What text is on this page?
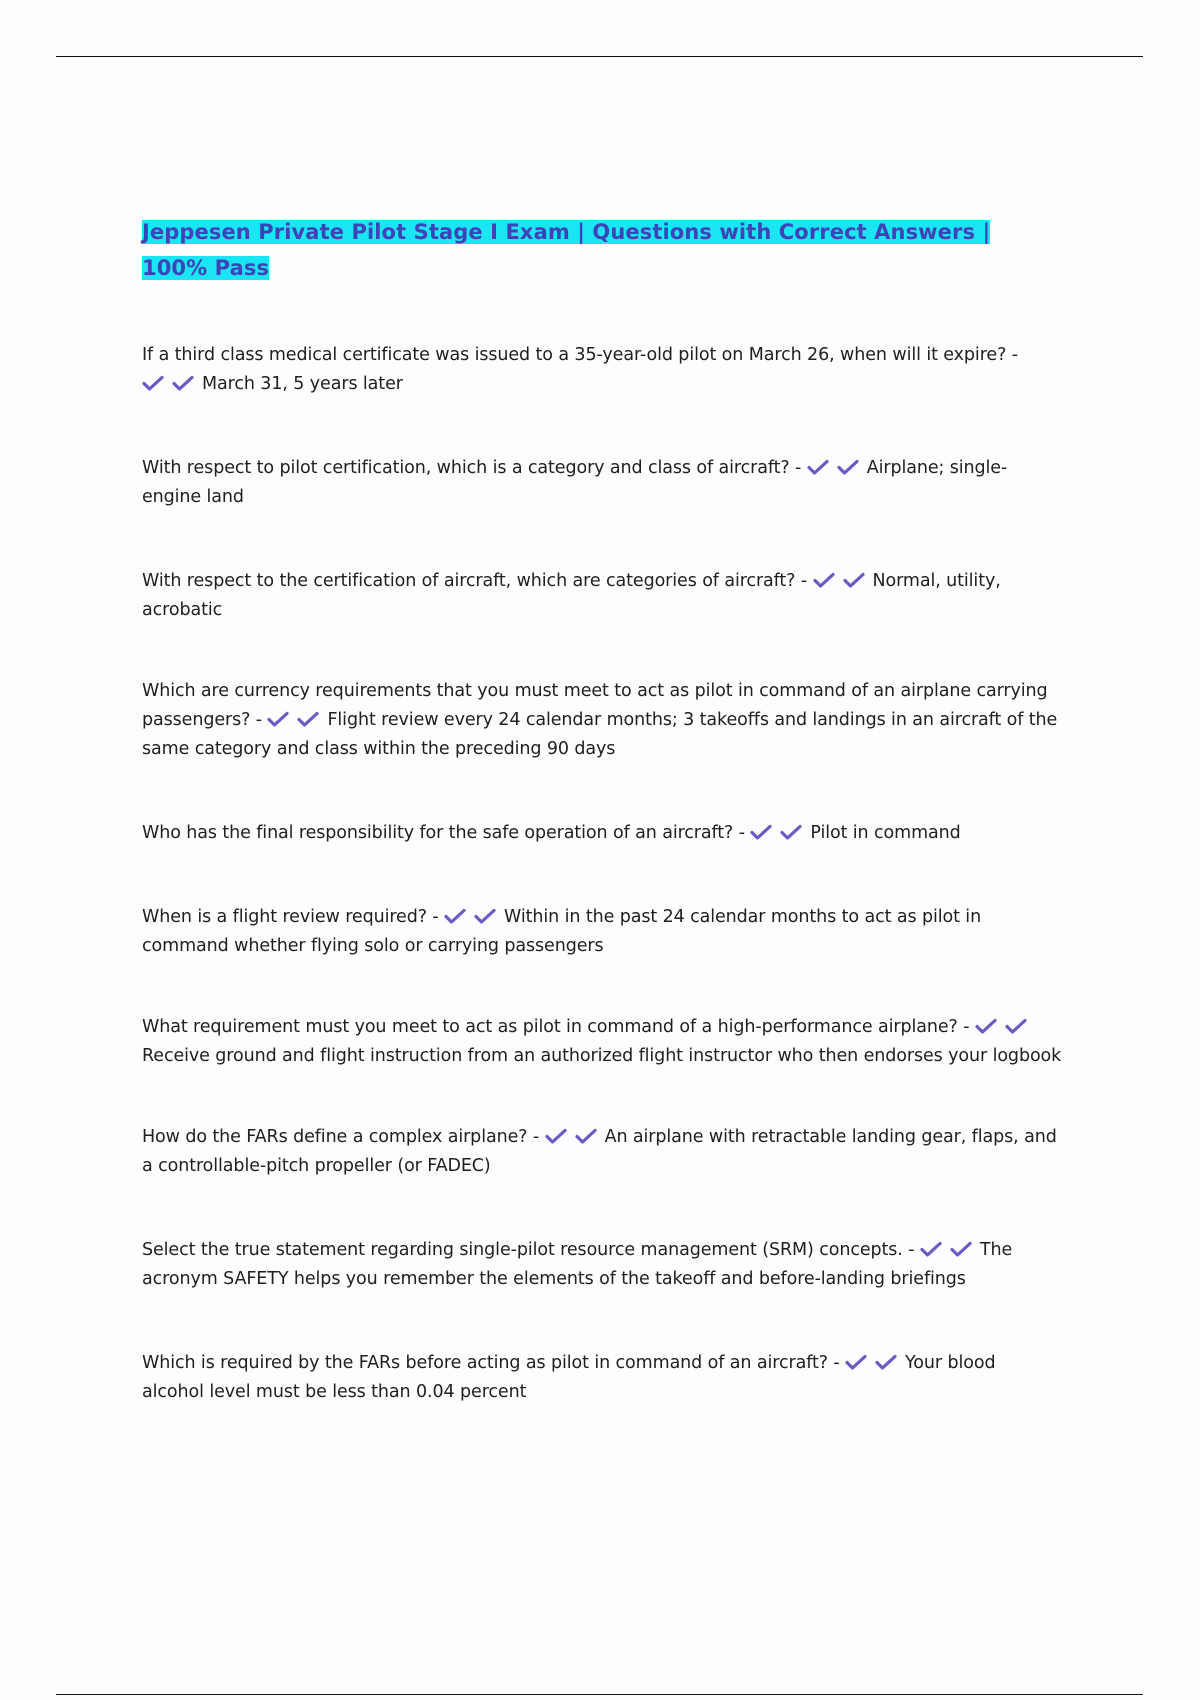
Jeppesen Private Pilot Stage I Exam | Questions with Correct Answers | 100% Pass

If a third class medical certificate was issued to a 35-year-old pilot on March 26, when will it expire? -
March 31, 5 years later

With respect to pilot certification, which is a category and class of aircraft? -	Airplane; single-engine land

With respect to the certification of aircraft, which are categories of aircraft? -	Normal, utility, acrobatic

Which are currency requirements that you must meet to act as pilot in command of an airplane carrying passengers? -	Flight review every 24 calendar months; 3 takeoffs and landings in an aircraft of the same category and class within the preceding 90 days

Who has the final responsibility for the safe operation of an aircraft? -	Pilot in command

When is a flight review required? -	Within in the past 24 calendar months to act as pilot in command whether flying solo or carrying passengers

What requirement must you meet to act as pilot in command of a high-performance airplane? -
Receive ground and flight instruction from an authorized flight instructor who then endorses your logbook

How do the FARs define a complex airplane? -	An airplane with retractable landing gear, flaps, and a controllable-pitch propeller (or FADEC)

Select the true statement regarding single-pilot resource management (SRM) concepts. -	The acronym SAFETY helps you remember the elements of the takeoff and before-landing briefings

Which is required by the FARs before acting as pilot in command of an aircraft? -	Your blood alcohol level must be less than 0.04 percent
